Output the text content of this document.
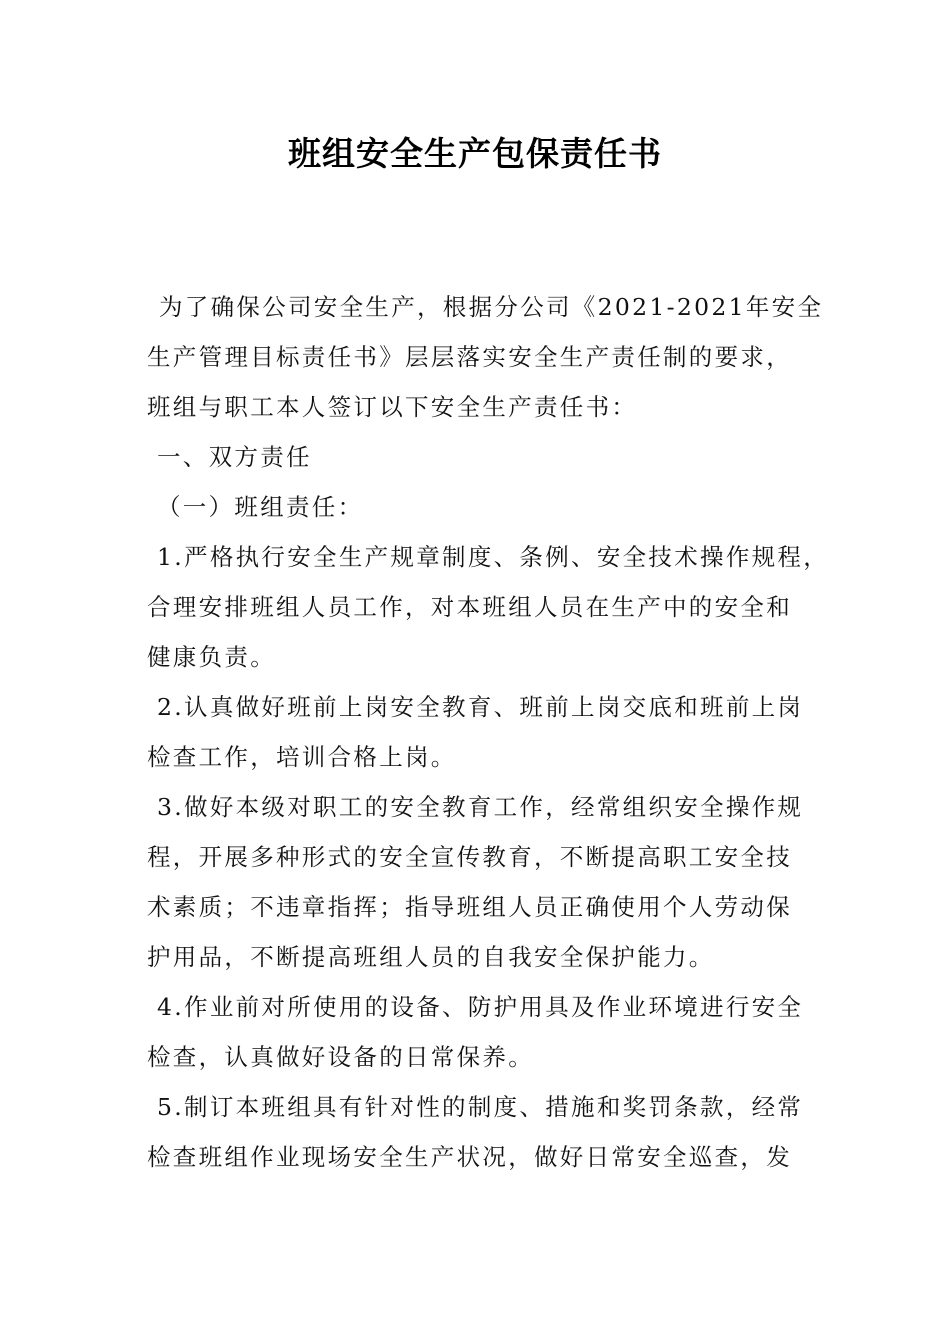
班组安全生产包保责任书
为了确保公司安全生产，根据分公司《2021-2021年安全
生产管理目标责任书》层层落实安全生产责任制的要求，
班组与职工本人签订以下安全生产责任书：
一、双方责任
（一）班组责任：
1.严格执行安全生产规章制度、条例、安全技术操作规程，
合理安排班组人员工作，对本班组人员在生产中的安全和
健康负责。
2.认真做好班前上岗安全教育、班前上岗交底和班前上岗
检查工作，培训合格上岗。
3.做好本级对职工的安全教育工作，经常组织安全操作规
程，开展多种形式的安全宣传教育，不断提高职工安全技
术素质；不违章指挥；指导班组人员正确使用个人劳动保
护用品，不断提高班组人员的自我安全保护能力。
4.作业前对所使用的设备、防护用具及作业环境进行安全
检查，认真做好设备的日常保养。
5.制订本班组具有针对性的制度、措施和奖罚条款，经常
检查班组作业现场安全生产状况，做好日常安全巡查，发
